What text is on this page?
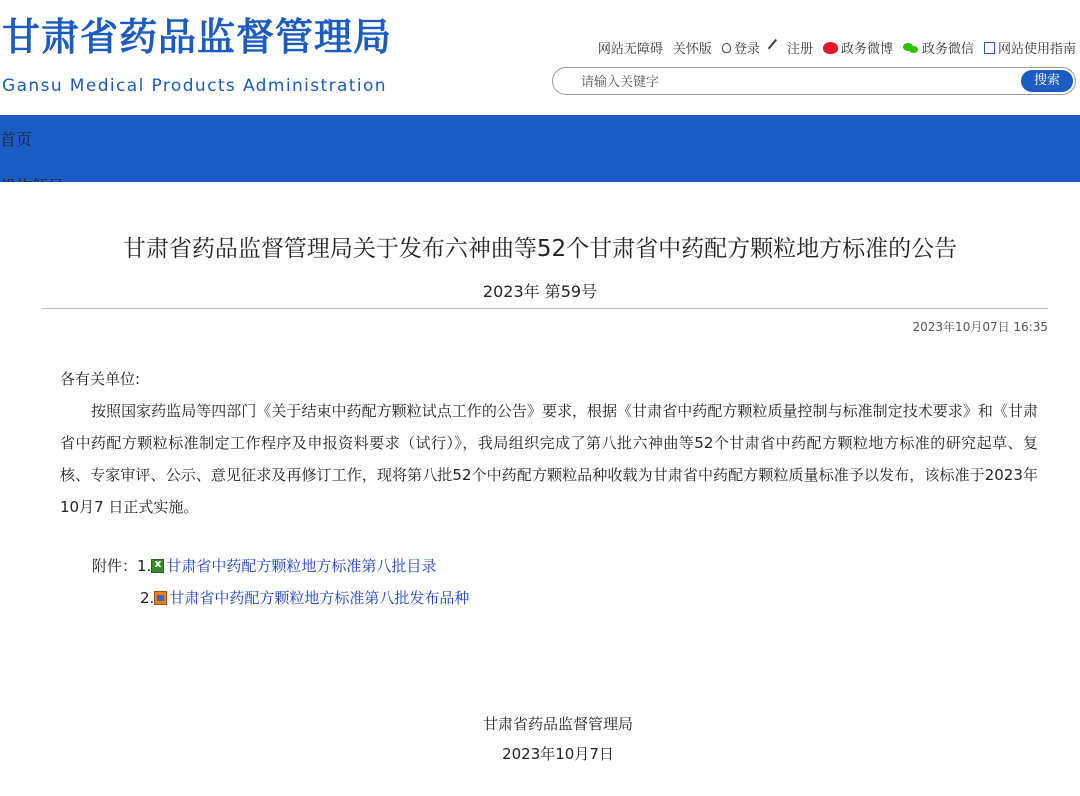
甘肃省药品监督管理局
Gansu Medical Products Administration
网站无障碍 关怀版 登录 注册 政务微博 政务微信 网站使用指南
请输入关键字
搜索
首页
甘肃省药品监督管理局关于发布六神曲等52个甘肃省中药配方颗粒地方标准的公告
2023年 第59号
2023年10月07日 16:35
各有关单位:
按照国家药监局等四部门《关于结束中药配方颗粒试点工作的公告》要求，根据《甘肃省中药配方颗粒质量控制与标准制定技术要求》和《甘肃省中药配方颗粒标准制定工作程序及申报资料要求（试行）》，我局组织完成了第八批六神曲等52个甘肃省中药配方颗粒地方标准的研究起草、复核、专家审评、公示、意见征求及再修订工作，现将第八批52个中药配方颗粒品种收载为甘肃省中药配方颗粒质量标准予以发布，该标准于2023年10月7 日正式实施。
附件： 1.
x 甘肃省中药配方颗粒地方标准第八批目录
2. 甘肃省中药配方颗粒地方标准第八批发布品种
甘肃省药品监督管理局
2023年10月7日
